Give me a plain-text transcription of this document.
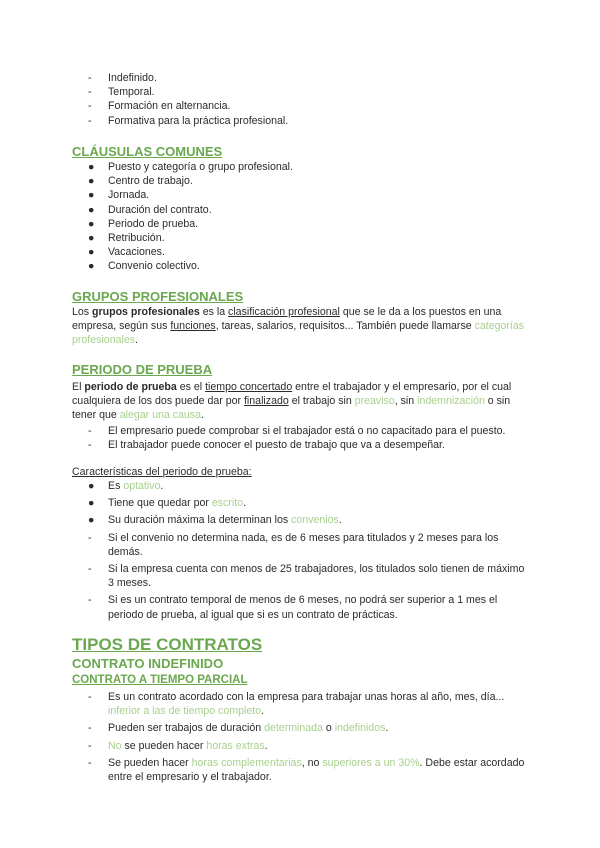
-	Indefinido.
-	Temporal.
-	Formación en alternancia.
-	Formativa para la práctica profesional.
CLÁUSULAS COMUNES
●	Puesto y categoría o grupo profesional.
●	Centro de trabajo.
●	Jornada.
●	Duración del contrato.
●	Periodo de prueba.
●	Retribución.
●	Vacaciones.
●	Convenio colectivo.
GRUPOS PROFESIONALES
Los grupos profesionales es la clasificación profesional que se le da a los puestos en una empresa, según sus funciones, tareas, salarios, requisitos... También puede llamarse categorías profesionales.
PERIODO DE PRUEBA
El periodo de prueba es el tiempo concertado entre el trabajador y el empresario, por el cual cualquiera de los dos puede dar por finalizado el trabajo sin preaviso, sin indemnización o sin tener que alegar una causa.
-	El empresario puede comprobar si el trabajador está o no capacitado para el puesto.
-	El trabajador puede conocer el puesto de trabajo que va a desempeñar.
Características del periodo de prueba:
●	Es optativo.
●	Tiene que quedar por escrito.
●	Su duración máxima la determinan los convenios.
-	Si el convenio no determina nada, es de 6 meses para titulados y 2 meses para los demás.
-	Si la empresa cuenta con menos de 25 trabajadores, los titulados solo tienen de máximo 3 meses.
-	Si es un contrato temporal de menos de 6 meses, no podrá ser superior a 1 mes el periodo de prueba, al igual que si es un contrato de prácticas.
TIPOS DE CONTRATOS
CONTRATO INDEFINIDO
CONTRATO A TIEMPO PARCIAL
-	Es un contrato acordado con la empresa para trabajar unas horas al año, mes, día... inferior a las de tiempo completo.
-	Pueden ser trabajos de duración determinada o indefinidos.
-	No se pueden hacer horas extras.
-	Se pueden hacer horas complementarias, no superiores a un 30%. Debe estar acordado entre el empresario y el trabajador.
